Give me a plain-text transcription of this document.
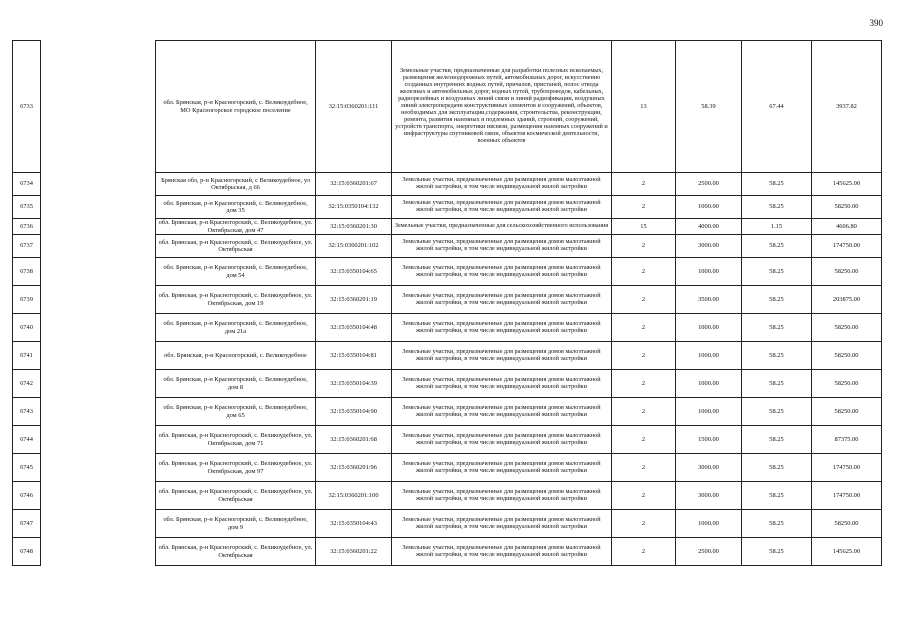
390
6733		обл. Брянская, р-н Красногорский, с. Великоудебное, МО Красногорское городское поселение	32:15:0360201:111	Земельные участки, предназначенные для разработки полезных ископаемых, размещения железнодорожных путей, автомобильных дорог, искусственно созданных внутренних водных путей, причалов, пристаней, полос отвода железных и автомобильных дорог, водных путей, трубопроводов, кабельных, радиорелейных и воздушных линий связи и линий радиофикации, воздушных линий электропередачи конструктивных элементов и сооружений, объектов, необходимых для эксплуатации,содержания, строительства, реконструкции, ремонта, развития наземных и подземных зданий, строений, сооружений, устройств транспорта, энергетики ивсвязи, размещения наземных сооружений и инфраструктуры спутниковой связи, объектов космической деятельности, военных объектов	13	58.39	67.44	3937.82
6734		Брянская обл, р-н Красногорский, с Великоудебное, ул Октябрьская, д 66	32:15:0360201:67	Земельные участки, предназначенные для размещения домов малоэтажной жилой застройки, в том числе индивидуальной жилой застройки	2	2500.00	58.25	145625.00
6735		обл. Брянская, р-н Красногорский, с. Великоудебное, дом 35	32:15:0350104:132	Земельные участки, предназначенные для размещения домов малоэтажной жилой застройки, в том числе индивидуальной жилой застройки	2	1000.00	58.25	58250.00
6736		обл. Брянская, р-н Красногорский, с. Великоудебное, ул. Октябрьская, дом 47	32:15:0360201:30	Земельные участки, предназначенные для сельскохозяйственного использования	15	4000.00	1.15	4606.80
6737		обл. Брянская, р-н Красногорский, с. Великоудебное, ул. Октябрьская	32:15:0360201:102	Земельные участки, предназначенные для размещения домов малоэтажной жилой застройки, в том числе индивидуальной жилой застройки	2	3000.00	58.25	174750.00
6738		обл. Брянская, р-н Красногорский, с. Великоудебное, дом 54	32:15:0350104:65	Земельные участки, предназначенные для размещения домов малоэтажной жилой застройки, в том числе индивидуальной жилой застройки	2	1000.00	58.25	58250.00
6739		обл. Брянская, р-н Красногорский, с. Великоудебное, ул. Октябрьская, дом 19	32:15:0360201:19	Земельные участки, предназначенные для размещения домов малоэтажной жилой застройки, в том числе индивидуальной жилой застройки	2	3500.00	58.25	203875.00
6740		обл. Брянская, р-н Красногорский, с. Великоудебное, дом 21а	32:15:0350104:48	Земельные участки, предназначенные для размещения домов малоэтажной жилой застройки, в том числе индивидуальной жилой застройки	2	1000.00	58.25	58250.00
6741		обл. Брянская, р-н Красногорский, с. Великоудебное	32:15:0350104:81	Земельные участки, предназначенные для размещения домов малоэтажной жилой застройки, в том числе индивидуальной жилой застройки	2	1000.00	58.25	58250.00
6742		обл. Брянская, р-н Красногорский, с. Великоудебное, дом 8	32:15:0350104:39	Земельные участки, предназначенные для размещения домов малоэтажной жилой застройки, в том числе индивидуальной жилой застройки	2	1000.00	58.25	58250.00
6743		обл. Брянская, р-н Красногорский, с. Великоудебное, дом 65	32:15:0350104:90	Земельные участки, предназначенные для размещения домов малоэтажной жилой застройки, в том числе индивидуальной жилой застройки	2	1000.00	58.25	58250.00
6744		обл. Брянская, р-н Красногорский, с. Великоудебное, ул. Октябрьская, дом 71	32:15:0360201:68	Земельные участки, предназначенные для размещения домов малоэтажной жилой застройки, в том числе индивидуальной жилой застройки	2	1500.00	58.25	87375.00
6745		обл. Брянская, р-н Красногорский, с. Великоудебное, ул. Октябрьская, дом 97	32:15:0360201:96	Земельные участки, предназначенные для размещения домов малоэтажной жилой застройки, в том числе индивидуальной жилой застройки	2	3000.00	58.25	174750.00
6746		обл. Брянская, р-н Красногорский, с. Великоудебное, ул. Октябрьская	32:15:0360201:100	Земельные участки, предназначенные для размещения домов малоэтажной жилой застройки, в том числе индивидуальной жилой застройки	2	3000.00	58.25	174750.00
6747		обл. Брянская, р-н Красногорский, с. Великоудебное, дом 9	32:15:0350104:43	Земельные участки, предназначенные для размещения домов малоэтажной жилой застройки, в том числе индивидуальной жилой застройки	2	1000.00	58.25	58250.00
6748		обл. Брянская, р-н Красногорский, с. Великоудебное, ул. Октябрьская	32:15:0360201:22	Земельные участки, предназначенные для размещения домов малоэтажной жилой застройки, в том числе индивидуальной жилой застройки	2	2500.00	58.25	145625.00
